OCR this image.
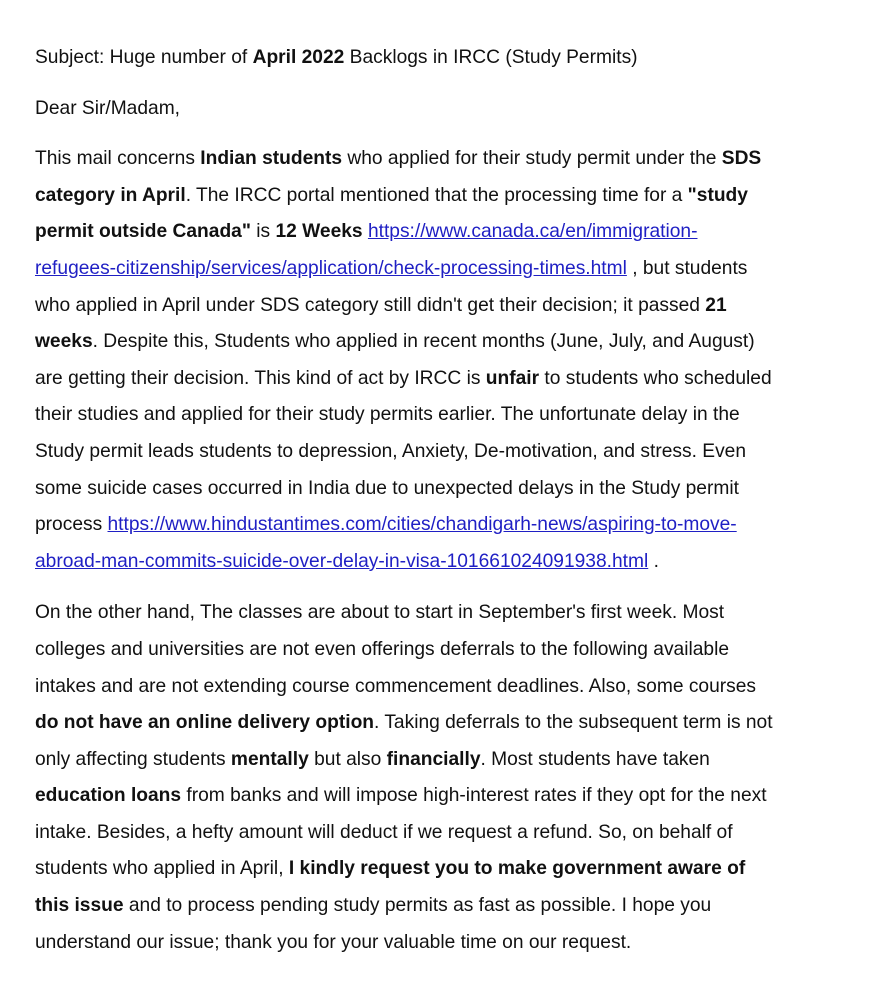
Subject: Huge number of April 2022 Backlogs in IRCC (Study Permits)
Dear Sir/Madam,
This mail concerns Indian students who applied for their study permit under the SDS
category in April. The IRCC portal mentioned that the processing time for a "study
permit outside Canada" is 12 Weeks https://www.canada.ca/en/immigration-
refugees-citizenship/services/application/check-processing-times.html , but students
who applied in April under SDS category still didn't get their decision; it passed 21
weeks. Despite this, Students who applied in recent months (June, July, and August)
are getting their decision. This kind of act by IRCC is unfair to students who scheduled
their studies and applied for their study permits earlier. The unfortunate delay in the
Study permit leads students to depression, Anxiety, De-motivation, and stress. Even
some suicide cases occurred in India due to unexpected delays in the Study permit
process https://www.hindustantimes.com/cities/chandigarh-news/aspiring-to-move-
abroad-man-commits-suicide-over-delay-in-visa-101661024091938.html .
On the other hand, The classes are about to start in September's first week. Most
colleges and universities are not even offerings deferrals to the following available
intakes and are not extending course commencement deadlines. Also, some courses
do not have an online delivery option. Taking deferrals to the subsequent term is not
only affecting students mentally but also financially. Most students have taken
education loans from banks and will impose high-interest rates if they opt for the next
intake. Besides, a hefty amount will deduct if we request a refund. So, on behalf of
students who applied in April, I kindly request you to make government aware of
this issue and to process pending study permits as fast as possible. I hope you
understand our issue; thank you for your valuable time on our request.
